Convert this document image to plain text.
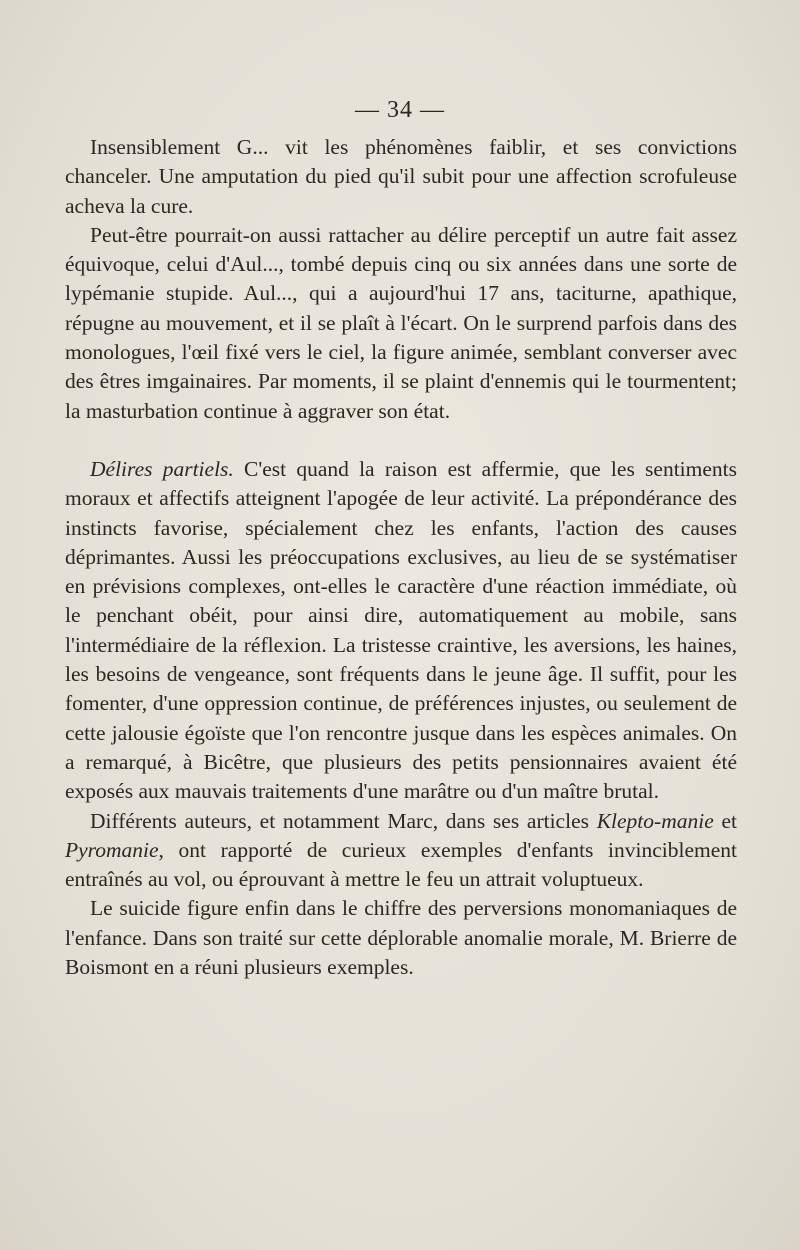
— 34 —

Insensiblement G... vit les phénomènes faiblir, et ses convictions chanceler. Une amputation du pied qu'il subit pour une affection scrofuleuse acheva la cure.

Peut-être pourrait-on aussi rattacher au délire perceptif un autre fait assez équivoque, celui d'Aul..., tombé depuis cinq ou six années dans une sorte de lypémanie stupide. Aul..., qui a aujourd'hui 17 ans, taciturne, apathique, répugne au mouvement, et il se plaît à l'écart. On le surprend parfois dans des monologues, l'œil fixé vers le ciel, la figure animée, semblant converser avec des êtres imgainaires. Par moments, il se plaint d'ennemis qui le tourmentent; la masturbation continue à aggraver son état.

Délires partiels. C'est quand la raison est affermie, que les sentiments moraux et affectifs atteignent l'apogée de leur activité. La prépondérance des instincts favorise, spécialement chez les enfants, l'action des causes déprimantes. Aussi les préoccupations exclusives, au lieu de se systématiser en prévisions complexes, ont-elles le caractère d'une réaction immédiate, où le penchant obéit, pour ainsi dire, automatiquement au mobile, sans l'intermédiaire de la réflexion. La tristesse craintive, les aversions, les haines, les besoins de vengeance, sont fréquents dans le jeune âge. Il suffit, pour les fomenter, d'une oppression continue, de préférences injustes, ou seulement de cette jalousie égoïste que l'on rencontre jusque dans les espèces animales. On a remarqué, à Bicêtre, que plusieurs des petits pensionnaires avaient été exposés aux mauvais traitements d'une marâtre ou d'un maître brutal.

Différents auteurs, et notamment Marc, dans ses articles Klepto-manie et Pyromanie, ont rapporté de curieux exemples d'enfants invinciblement entraînés au vol, ou éprouvant à mettre le feu un attrait voluptueux.

Le suicide figure enfin dans le chiffre des perversions monomaniaques de l'enfance. Dans son traité sur cette déplorable anomalie morale, M. Brierre de Boismont en a réuni plusieurs exemples.
